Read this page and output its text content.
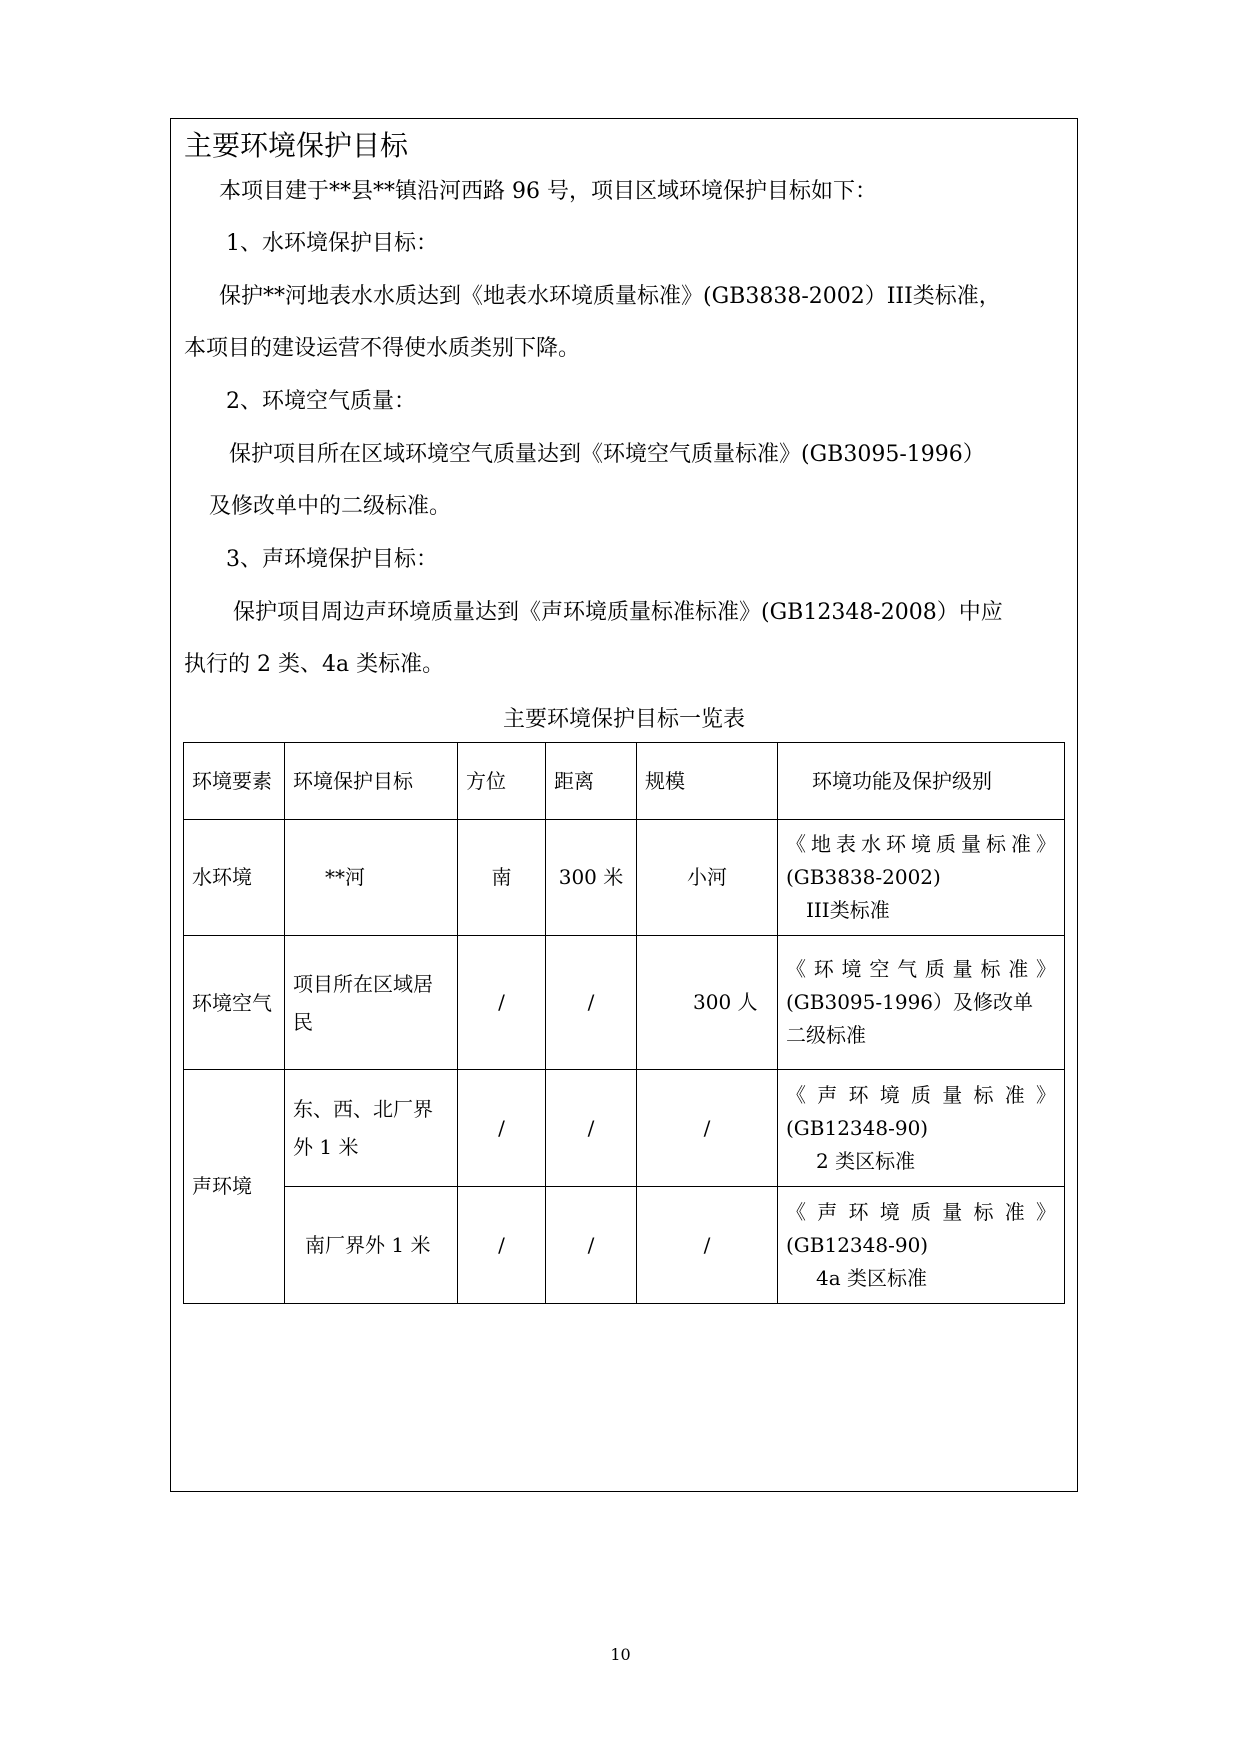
主要环境保护目标

本项目建于**县**镇沿河西路 96 号，项目区域环境保护目标如下：

1、水环境保护目标：

保护**河地表水水质达到《地表水环境质量标准》(GB3838-2002）III类标准，

本项目的建设运营不得使水质类别下降。

2、环境空气质量：

保护项目所在区域环境空气质量达到《环境空气质量标准》(GB3095-1996）

及修改单中的二级标准。

3、声环境保护目标：

保护项目周边声环境质量达到《声环境质量标准标准》(GB12348-2008）中应

执行的 2 类、4a 类标准。

主要环境保护目标一览表

环境要素	环境保护目标	方位	距离	规模	环境功能及保护级别
水环境	**河	南	300 米	小河	《地表水环境质量标准》
(GB3838-2002)
III类标准

环境空气	项目所在区域居民	/	/	300 人	《环境空气质量标准》
(GB3095-1996）及修改单
二级标准

声环境	东、西、北厂界外 1 米	/	/	/	《声环境质量标准》
(GB12348-90)
2 类区标准

	南厂界外 1 米	/	/	/	《声环境质量标准》
(GB12348-90)
4a 类区标准

10
